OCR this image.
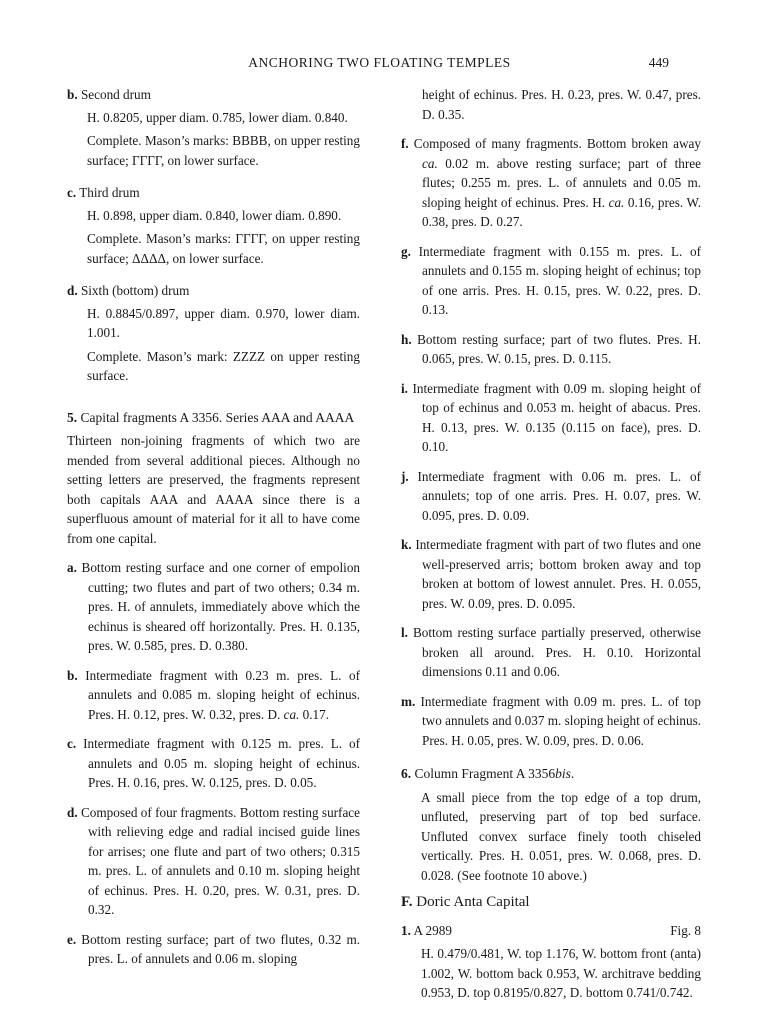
ANCHORING TWO FLOATING TEMPLES	449

b. Second drum

H. 0.8205, upper diam. 0.785, lower diam. 0.840.

Complete. Mason’s marks: BBBB, on upper resting surface; ΓΓΓΓ, on lower surface.

c. Third drum

H. 0.898, upper diam. 0.840, lower diam. 0.890.

Complete. Mason’s marks: ΓΓΓΓ, on upper resting surface; ΔΔΔΔ, on lower surface.

d. Sixth (bottom) drum

H. 0.8845/0.897, upper diam. 0.970, lower diam. 1.001.

Complete. Mason’s mark: ZZZZ on upper resting surface.

5. Capital fragments A 3356. Series AAA and AAAA

Thirteen non-joining fragments of which two are mended from several additional pieces. Although no setting letters are preserved, the fragments represent both capitals AAA and AAAA since there is a superfluous amount of material for it all to have come from one capital.

a. Bottom resting surface and one corner of empolion cutting; two flutes and part of two others; 0.34 m. pres. H. of annulets, immediately above which the echinus is sheared off horizontally. Pres. H. 0.135, pres. W. 0.585, pres. D. 0.380.

b. Intermediate fragment with 0.23 m. pres. L. of annulets and 0.085 m. sloping height of echinus. Pres. H. 0.12, pres. W. 0.32, pres. D. ca. 0.17.

c. Intermediate fragment with 0.125 m. pres. L. of annulets and 0.05 m. sloping height of echinus. Pres. H. 0.16, pres. W. 0.125, pres. D. 0.05.

d. Composed of four fragments. Bottom resting surface with relieving edge and radial incised guide lines for arrises; one flute and part of two others; 0.315 m. pres. L. of annulets and 0.10 m. sloping height of echinus. Pres. H. 0.20, pres. W. 0.31, pres. D. 0.32.

e. Bottom resting surface; part of two flutes, 0.32 m. pres. L. of annulets and 0.06 m. sloping

height of echinus. Pres. H. 0.23, pres. W. 0.47, pres. D. 0.35.

f. Composed of many fragments. Bottom broken away ca. 0.02 m. above resting surface; part of three flutes; 0.255 m. pres. L. of annulets and 0.05 m. sloping height of echinus. Pres. H. ca. 0.16, pres. W. 0.38, pres. D. 0.27.

g. Intermediate fragment with 0.155 m. pres. L. of annulets and 0.155 m. sloping height of echinus; top of one arris. Pres. H. 0.15, pres. W. 0.22, pres. D. 0.13.

h. Bottom resting surface; part of two flutes. Pres. H. 0.065, pres. W. 0.15, pres. D. 0.115.

i. Intermediate fragment with 0.09 m. sloping height of top of echinus and 0.053 m. height of abacus. Pres. H. 0.13, pres. W. 0.135 (0.115 on face), pres. D. 0.10.

j. Intermediate fragment with 0.06 m. pres. L. of annulets; top of one arris. Pres. H. 0.07, pres. W. 0.095, pres. D. 0.09.

k. Intermediate fragment with part of two flutes and one well-preserved arris; bottom broken away and top broken at bottom of lowest annulet. Pres. H. 0.055, pres. W. 0.09, pres. D. 0.095.

l. Bottom resting surface partially preserved, otherwise broken all around. Pres. H. 0.10. Horizontal dimensions 0.11 and 0.06.

m. Intermediate fragment with 0.09 m. pres. L. of top two annulets and 0.037 m. sloping height of echinus. Pres. H. 0.05, pres. W. 0.09, pres. D. 0.06.

6. Column Fragment A 3356bis.

A small piece from the top edge of a top drum, unfluted, preserving part of top bed surface. Unfluted convex surface finely tooth chiseled vertically. Pres. H. 0.051, pres. W. 0.068, pres. D. 0.028. (See footnote 10 above.)

F. Doric Anta Capital

1. A 2989	Fig. 8

H. 0.479/0.481, W. top 1.176, W. bottom front (anta) 1.002, W. bottom back 0.953, W. architrave bedding 0.953, D. top 0.8195/0.827, D. bottom 0.741/0.742.
